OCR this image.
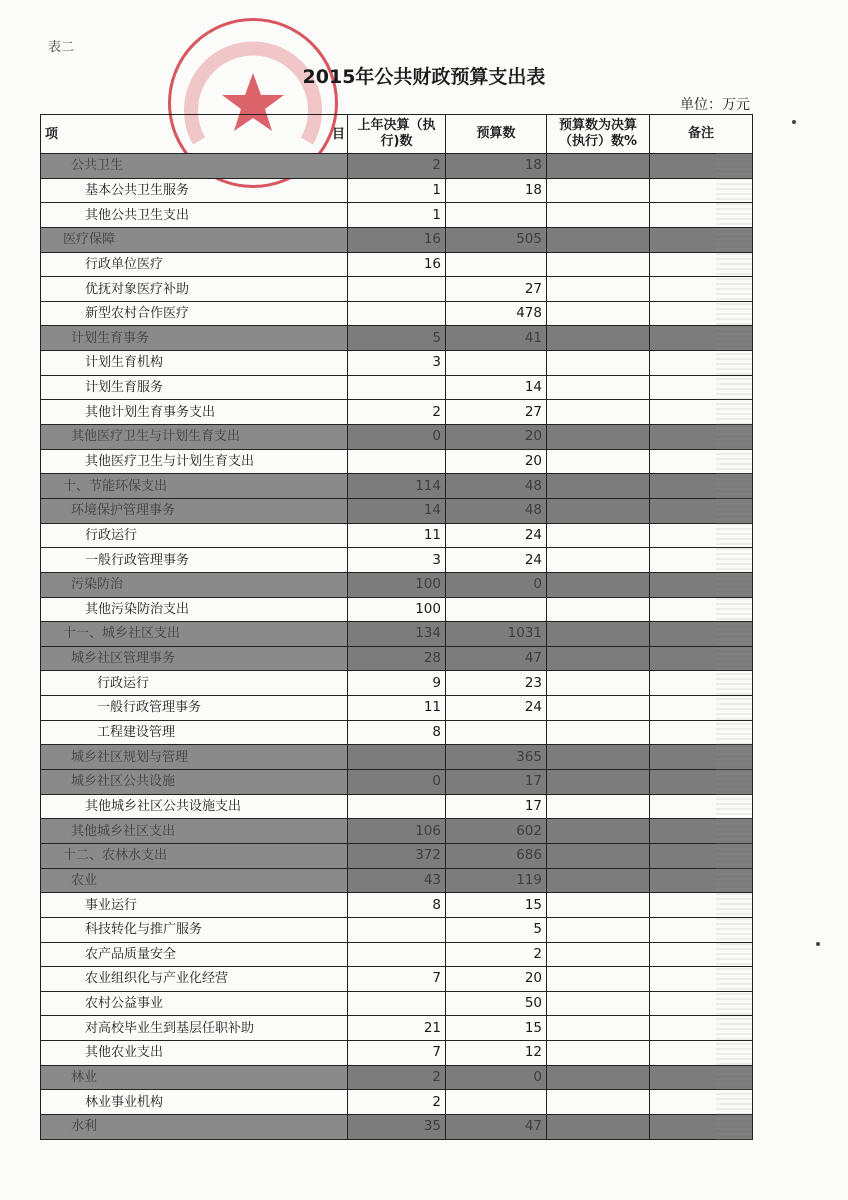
表二
2015年公共财政预算支出表
单位：万元
项 目	上年决算（执行)数	预算数	预算数为决算（执行）数%	备注
公共卫生	2	18		
基本公共卫生服务	1	18		
其他公共卫生支出	1			
医疗保障	16	505		
行政单位医疗	16			
优抚对象医疗补助		27		
新型农村合作医疗		478		
计划生育事务	5	41		
计划生育机构	3			
计划生育服务		14		
其他计划生育事务支出	2	27		
其他医疗卫生与计划生育支出	0	20		
其他医疗卫生与计划生育支出		20		
十、节能环保支出	114	48		
环境保护管理事务	14	48		
行政运行	11	24		
一般行政管理事务	3	24		
污染防治	100	0		
其他污染防治支出	100			
十一、城乡社区支出	134	1031		
城乡社区管理事务	28	47		
行政运行	9	23		
一般行政管理事务	11	24		
工程建设管理	8			
城乡社区规划与管理		365		
城乡社区公共设施	0	17		
其他城乡社区公共设施支出		17		
其他城乡社区支出	106	602		
十二、农林水支出	372	686		
农业	43	119		
事业运行	8	15		
科技转化与推广服务		5		
农产品质量安全		2		
农业组织化与产业化经营	7	20		
农村公益事业		50		
对高校毕业生到基层任职补助	21	15		
其他农业支出	7	12		
林业	2	0		
林业事业机构	2			
水利	35	47		
